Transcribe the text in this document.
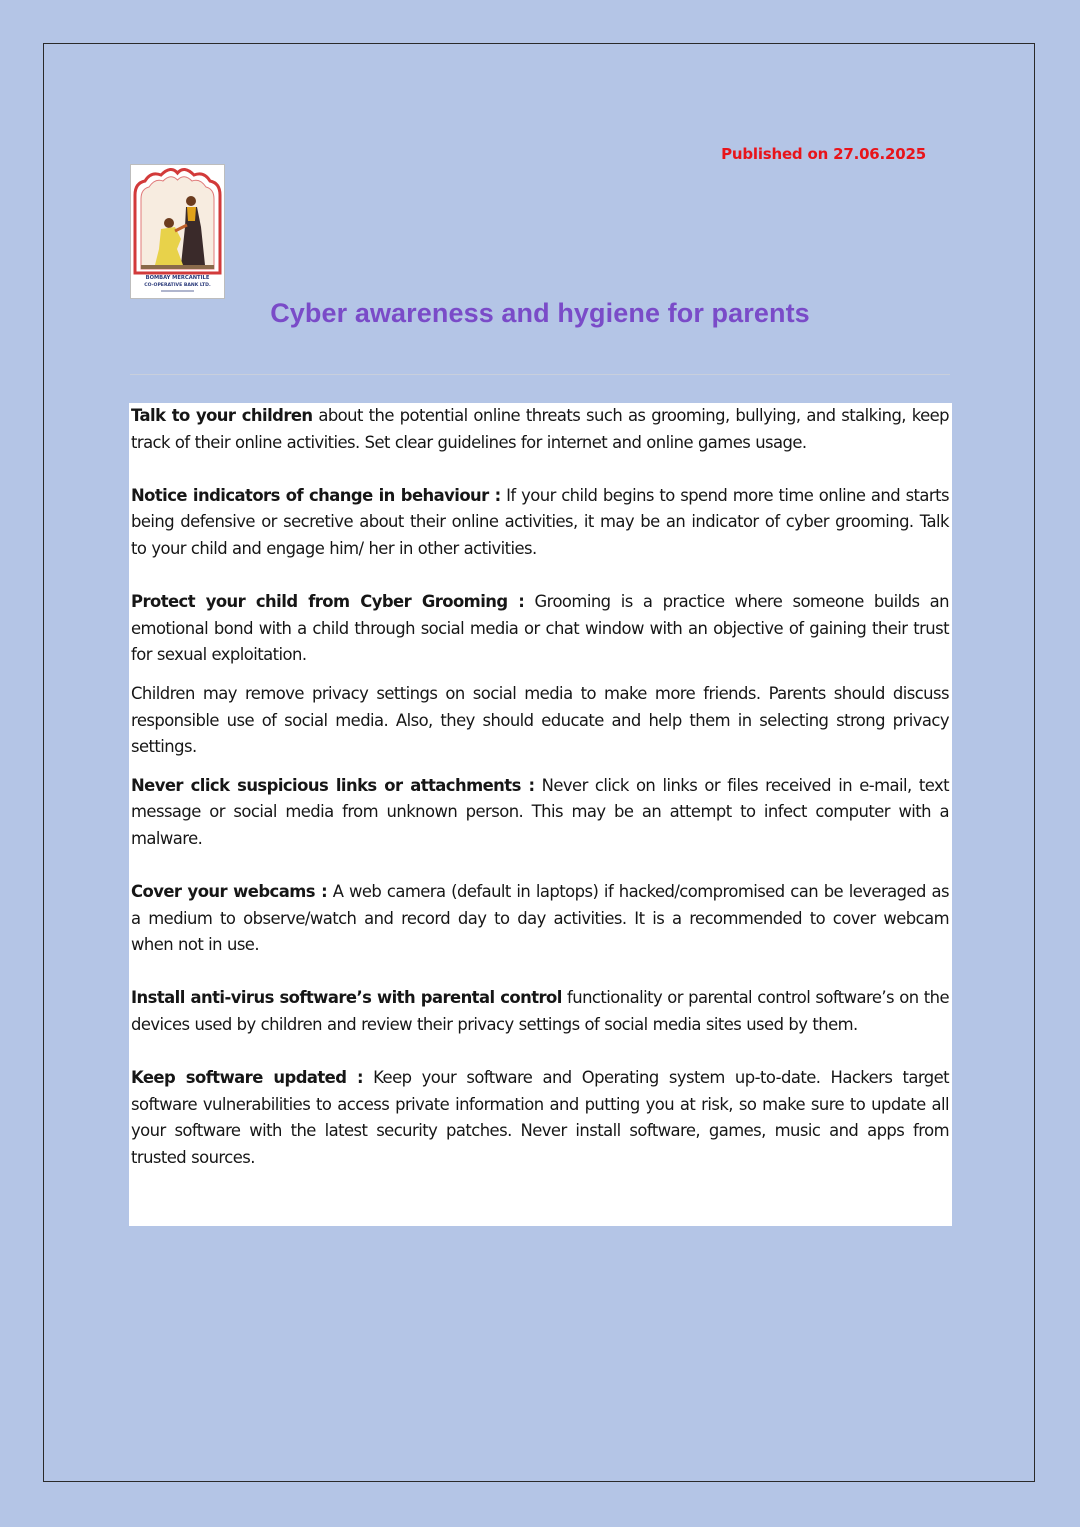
Published on 27.06.2025
BOMBAY MERCANTILE
CO-OPERATIVE BANK LTD.
Cyber awareness and hygiene for parents

Talk to your children about the potential online threats such as grooming, bullying, and stalking, keep track of their online activities. Set clear guidelines for internet and online games usage.

Notice indicators of change in behaviour : If your child begins to spend more time online and starts being defensive or secretive about their online activities, it may be an indicator of cyber grooming. Talk to your child and engage him/ her in other activities.

Protect your child from Cyber Grooming : Grooming is a practice where someone builds an emotional bond with a child through social media or chat window with an objective of gaining their trust for sexual exploitation.

Children may remove privacy settings on social media to make more friends. Parents should discuss responsible use of social media. Also, they should educate and help them in selecting strong privacy settings.

Never click suspicious links or attachments : Never click on links or files received in e-mail, text message or social media from unknown person. This may be an attempt to infect computer with a malware.

Cover your webcams : A web camera (default in laptops) if hacked/compromised can be leveraged as a medium to observe/watch and record day to day activities. It is a recommended to cover webcam when not in use.

Install anti-virus software’s with parental control functionality or parental control software’s on the devices used by children and review their privacy settings of social media sites used by them.

Keep software updated : Keep your software and Operating system up-to-date. Hackers target software vulnerabilities to access private information and putting you at risk, so make sure to update all your software with the latest security patches. Never install software, games, music and apps from trusted sources.
